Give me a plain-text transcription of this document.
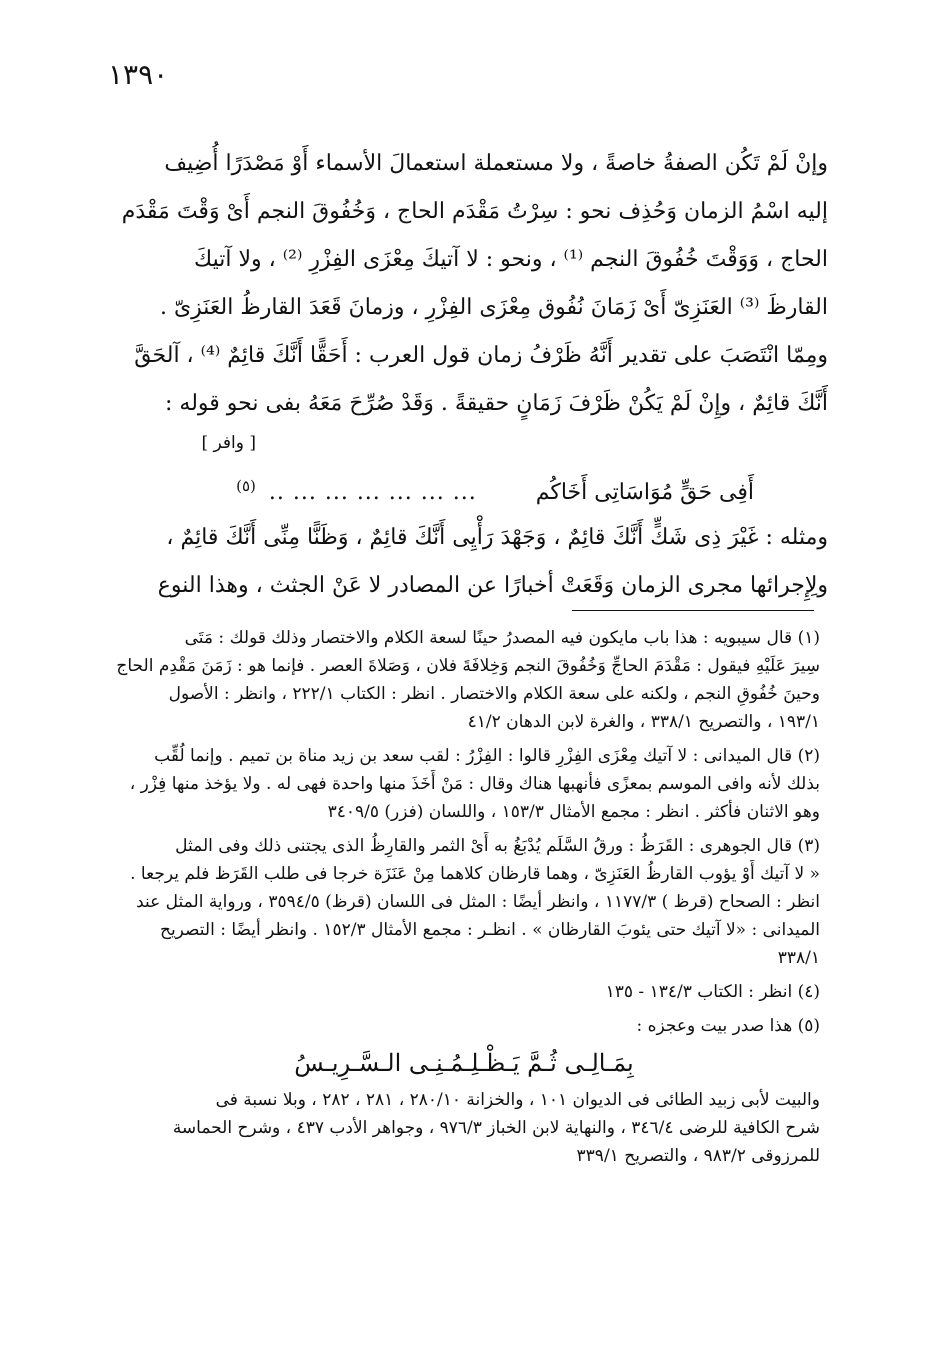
١٣٩٠
وإنْ لَمْ تَكُن الصفةُ خاصةً ، ولا مستعملة استعمالَ الأسماء أَوْ مَصْدَرًا أُضِيف
إليه اسْمُ الزمان وَحُذِف نحو : سِرْتُ مَقْدَم الحاج ، وَخُفُوقَ النجم أَىْ وَقْتَ مَقْدَم
الحاج ، وَوَقْتَ خُفُوقَ النجم ⁽¹⁾ ، ونحو : لا آتيكَ مِعْزَى الفِزْرِ ⁽²⁾ ، ولا آتيكَ
القارظَ ⁽³⁾ العَنَزِىّ أَىْ زَمَانَ نُفُوق مِعْزَى الفِزْرِ ، وزمانَ قَعَدَ القارظُ العَنَزِىّ .
ومِمّا انْتَصَبَ على تقدير أَنَّهُ ظَرْفُ زمان قول العرب : أَحَقًّا أَنَّكَ قائِمٌ ⁽⁴⁾ ، آلحَقَّ
أَنَّكَ قائِمٌ ، وإِنْ لَمْ يَكُنْ ظَرْفَ زَمَانٍ حقيقةً . وَقَدْ صُرِّحَ مَعَهُ بفى نحو قوله :
[ وافر ]
أَفِى حَقٍّ مُوَاسَاتِى أَخَاكُم ... ... ... ... ... ... .. (٥)
ومثله : غَيْرَ ذِى شَكٍّ أَنَّكَ قائِمٌ ، وَجَهْدَ رَأْيِى أَنَّكَ قائِمٌ ، وَظَنًّا مِنِّى أَنَّكَ قائِمٌ ،
ولِإِجرائها مجرى الزمان وَقَعَتْ أخبارًا عن المصادر لا عَنْ الجثث ، وهذا النوع
(١) قال سيبويه : هذا باب مايكون فيه المصدرُ حينًا لسعة الكلام والاختصار وذلك قولك : مَتَى
سِيرَ عَلَيْهِ فيقول : مَقْدَمَ الحاجِّ وَخُفُوقَ النجم وَخِلافَةَ فلان ، وَصَلاةَ العصر . فإنما هو : زَمَنَ مَقْدِم الحاج
وحينَ خُفُوقِ النجم ، ولكنه على سعة الكلام والاختصار . انظر : الكتاب ٢٢٢/١ ، وانظر : الأصول
١٩٣/١ ، والتصريح ٣٣٨/١ ، والغرة لابن الدهان ٤١/٢
(٢) قال الميدانى : لا آتيك مِعْزَى الفِزْرِ قالوا : الفِزْرُ : لقب سعد بن زيد مناة بن تميم . وإنما لُقِّب
بذلك لأنه وافى الموسم بمعزًى فأنهبها هناك وقال : مَنْ أَخَذَ منها واحدة فهى له . ولا يؤخذ منها فِزْر ،
وهو الاثنان فأكثر . انظر : مجمع الأمثال ١٥٣/٣ ، واللسان (فزر) ٣٤٠٩/٥
(٣) قال الجوهرى : القَرَظُ : ورقُ السَّلَم يُدْبَغُ به أَىْ الثمر والقارِظُ الذى يجتنى ذلك وفى المثل
« لا آتيك أَوْ يؤوب القارظُ العَنَزِىّ ، وهما قارظان كلاهما مِنْ عَنَزَة خرجا فى طلب القَرَظ فلم يرجعا .
انظر : الصحاح (قرظ ) ١١٧٧/٣ ، وانظر أيضًا : المثل فى اللسان (قرظ) ٣٥٩٤/٥ ، ورواية المثل عند
الميدانى : «لا آتيك حتى يئوبَ القارظان » . انظـر : مجمع الأمثال ١٥٢/٣ . وانظر أيضًا : التصريح
٣٣٨/١
(٤) انظر : الكتاب ١٣٤/٣ - ١٣٥
(٥) هذا صدر بيت وعجزه :
بِمَـالِـى ثُـمَّ يَـظْـلِـمُـنِـى الـسَّـرِيـسُ
والبيت لأبى زبيد الطائى فى الديوان ١٠١ ، والخزانة ٢٨٠/١٠ ، ٢٨١ ، ٢٨٢ ، وبلا نسبة فى
شرح الكافية للرضى ٣٤٦/٤ ، والنهاية لابن الخباز ٩٧٦/٣ ، وجواهر الأدب ٤٣٧ ، وشرح الحماسة
للمرزوقى ٩٨٣/٢ ، والتصريح ٣٣٩/١
